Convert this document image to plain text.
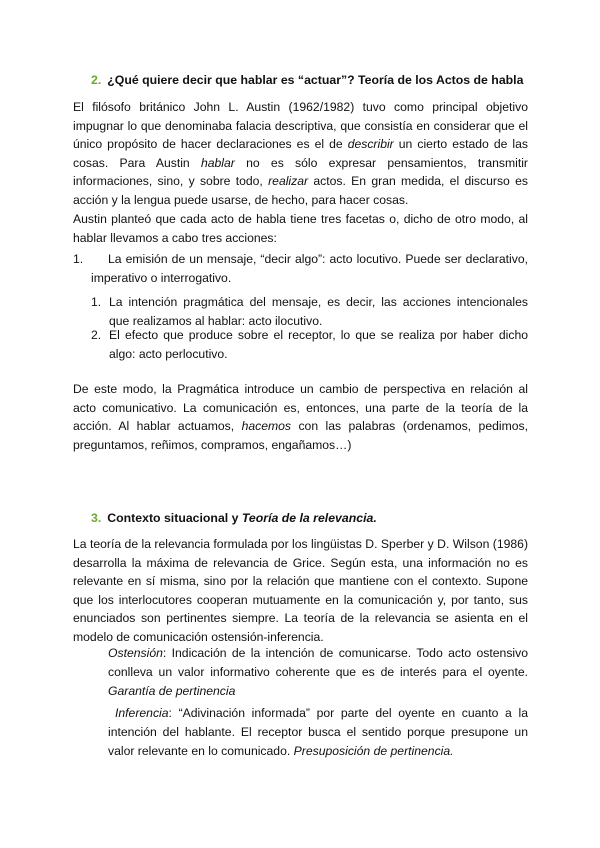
2. ¿Qué quiere decir que hablar es “actuar”? Teoría de los Actos de habla

El filósofo británico John L. Austin (1962/1982) tuvo como principal objetivo impugnar lo que denominaba falacia descriptiva, que consistía en considerar que el único propósito de hacer declaraciones es el de describir un cierto estado de las cosas. Para Austin hablar no es sólo expresar pensamientos, transmitir informaciones, sino, y sobre todo, realizar actos. En gran medida, el discurso es acción y la lengua puede usarse, de hecho, para hacer cosas.

Austin planteó que cada acto de habla tiene tres facetas o, dicho de otro modo, al hablar llevamos a cabo tres acciones:

1.	La emisión de un mensaje, “decir algo”: acto locutivo. Puede ser declarativo, imperativo o interrogativo.
1. La intención pragmática del mensaje, es decir, las acciones intencionales que realizamos al hablar: acto ilocutivo.
2. El efecto que produce sobre el receptor, lo que se realiza por haber dicho algo: acto perlocutivo.

De este modo, la Pragmática introduce un cambio de perspectiva en relación al acto comunicativo. La comunicación es, entonces, una parte de la teoría de la acción. Al hablar actuamos, hacemos con las palabras (ordenamos, pedimos, preguntamos, reñimos, compramos, engañamos…)

3. Contexto situacional y Teoría de la relevancia.

La teoría de la relevancia formulada por los lingüistas D. Sperber y D. Wilson (1986) desarrolla la máxima de relevancia de Grice. Según esta, una información no es relevante en sí misma, sino por la relación que mantiene con el contexto. Supone que los interlocutores cooperan mutuamente en la comunicación y, por tanto, sus enunciados son pertinentes siempre. La teoría de la relevancia se asienta en el modelo de comunicación ostensión-inferencia.

Ostensión: Indicación de la intención de comunicarse. Todo acto ostensivo conlleva un valor informativo coherente que es de interés para el oyente. Garantía de pertinencia
Inferencia: “Adivinación informada” por parte del oyente en cuanto a la intención del hablante. El receptor busca el sentido porque presupone un valor relevante en lo comunicado. Presuposición de pertinencia.
